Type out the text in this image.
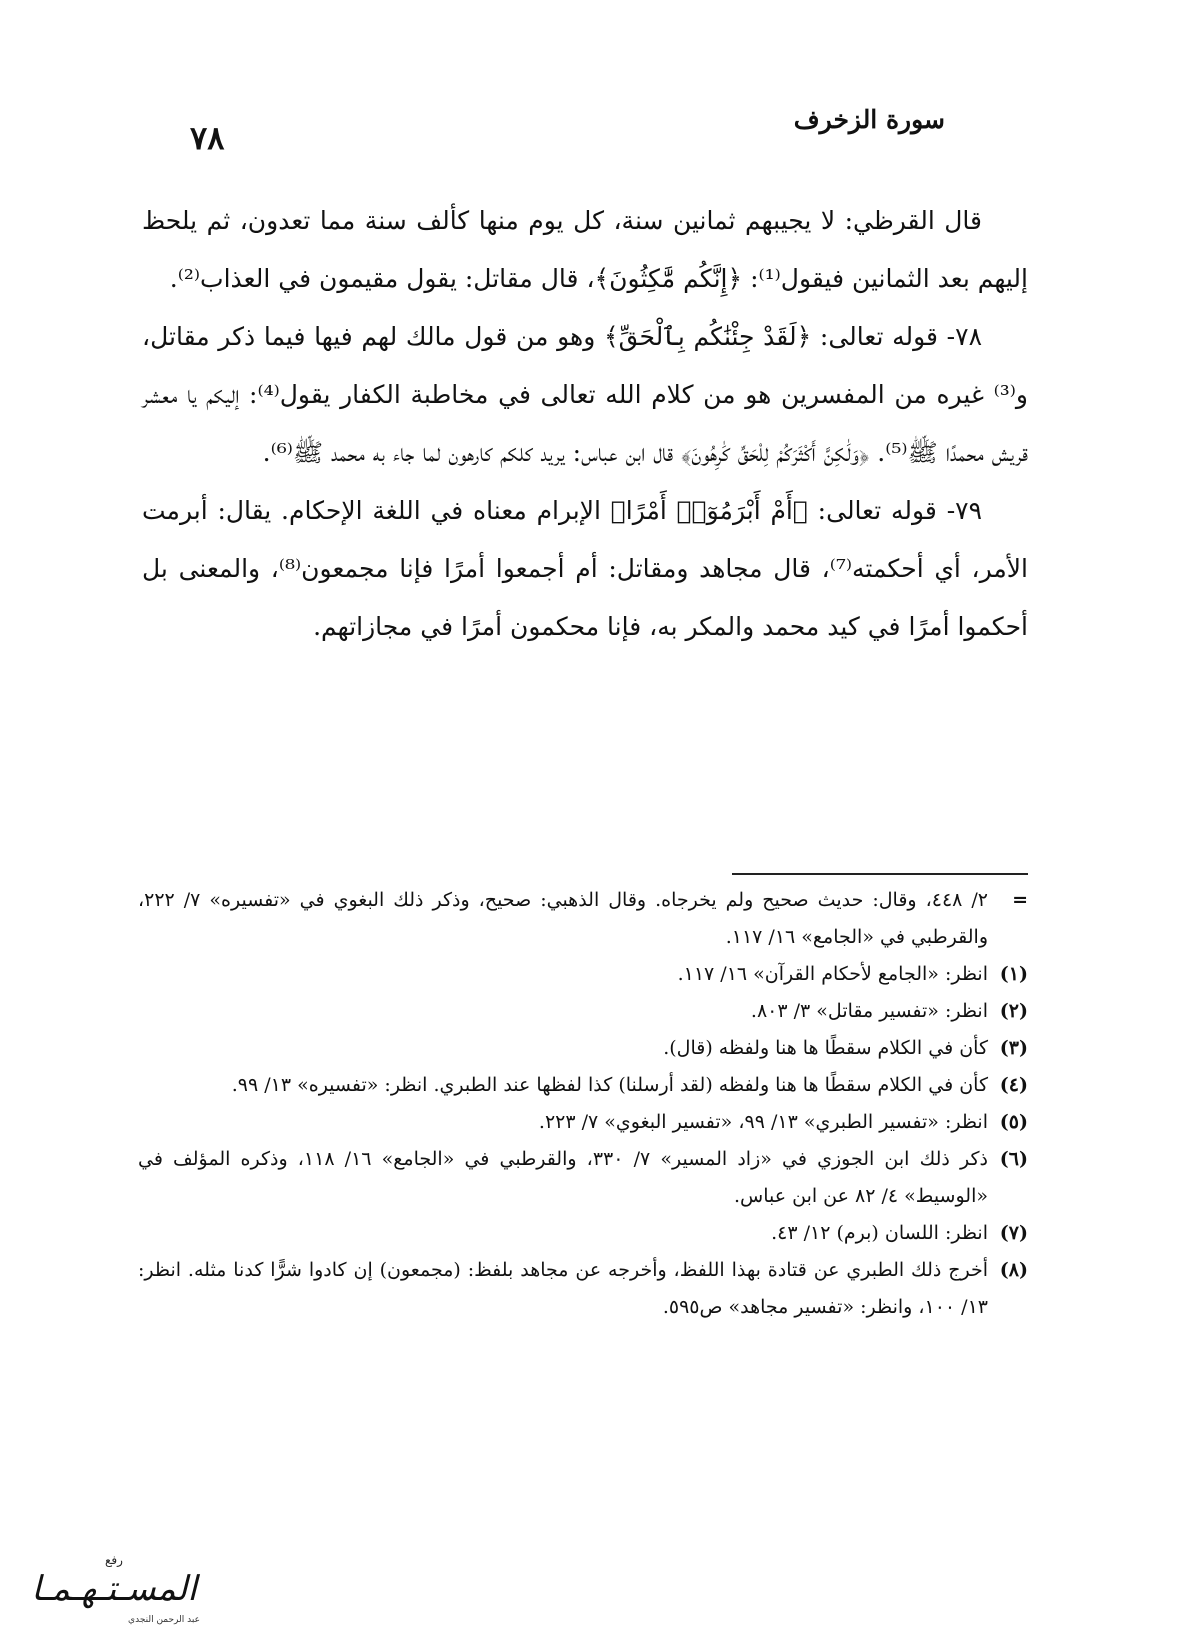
سورة الزخرف
٧٨

قال القرظي: لا يجيبهم ثمانين سنة، كل يوم منها كألف سنة مما تعدون، ثم يلحظ إليهم بعد الثمانين فيقول⁽¹⁾: ﴿إِنَّكُم مَّٰكِثُونَ﴾، قال مقاتل: يقول مقيمون في العذاب⁽²⁾.

٧٨- قوله تعالى: ﴿لَقَدْ جِئْنَٰكُم بِٱلْحَقِّ﴾ وهو من قول مالك لهم فيها فيما ذكر مقاتل، و⁽³⁾ غيره من المفسرين هو من كلام الله تعالى في مخاطبة الكفار يقول⁽⁴⁾: إليكم يا معشر قريش محمدًا ﷺ⁽⁵⁾. ﴿وَلَٰكِنَّ أَكْثَرَكُمْ لِلْحَقِّ كَٰرِهُونَ﴾ قال ابن عباس: يريد كلكم كارهون لما جاء به محمد ﷺ⁽⁶⁾.

٧٩- قوله تعالى: ﴿أَمْ أَبْرَمُوٓا۟ أَمْرًا﴾ الإبرام معناه في اللغة الإحكام. يقال: أبرمت الأمر، أي أحكمته⁽⁷⁾، قال مجاهد ومقاتل: أم أجمعوا أمرًا فإنا مجمعون⁽⁸⁾، والمعنى بل أحكموا أمرًا في كيد محمد والمكر به، فإنا محكمون أمرًا في مجازاتهم.

=
٢/ ٤٤٨، وقال: حديث صحيح ولم يخرجاه. وقال الذهبي: صحيح، وذكر ذلك البغوي في «تفسيره» ٧/ ٢٢٢، والقرطبي في «الجامع» ١٦/ ١١٧.
(١)
انظر: «الجامع لأحكام القرآن» ١٦/ ١١٧.
(٢)
انظر: «تفسير مقاتل» ٣/ ٨٠٣.
(٣)
كأن في الكلام سقطًا ها هنا ولفظه (قال).
(٤)
كأن في الكلام سقطًا ها هنا ولفظه (لقد أرسلنا) كذا لفظها عند الطبري. انظر: «تفسيره» ١٣/ ٩٩.
(٥)
انظر: «تفسير الطبري» ١٣/ ٩٩، «تفسير البغوي» ٧/ ٢٢٣.
(٦)
ذكر ذلك ابن الجوزي في «زاد المسير» ٧/ ٣٣٠، والقرطبي في «الجامع» ١٦/ ١١٨، وذكره المؤلف في «الوسيط» ٤/ ٨٢ عن ابن عباس.
(٧)
انظر: اللسان (برم) ١٢/ ٤٣.
(٨)
أخرج ذلك الطبري عن قتادة بهذا اللفظ، وأخرجه عن مجاهد بلفظ: (مجمعون) إن كادوا شرًّا كدنا مثله. انظر: ١٣/ ١٠٠، وانظر: «تفسير مجاهد» ص٥٩٥.
رفع
المسـتـهـمـا
عبد الرحمن النجدي
